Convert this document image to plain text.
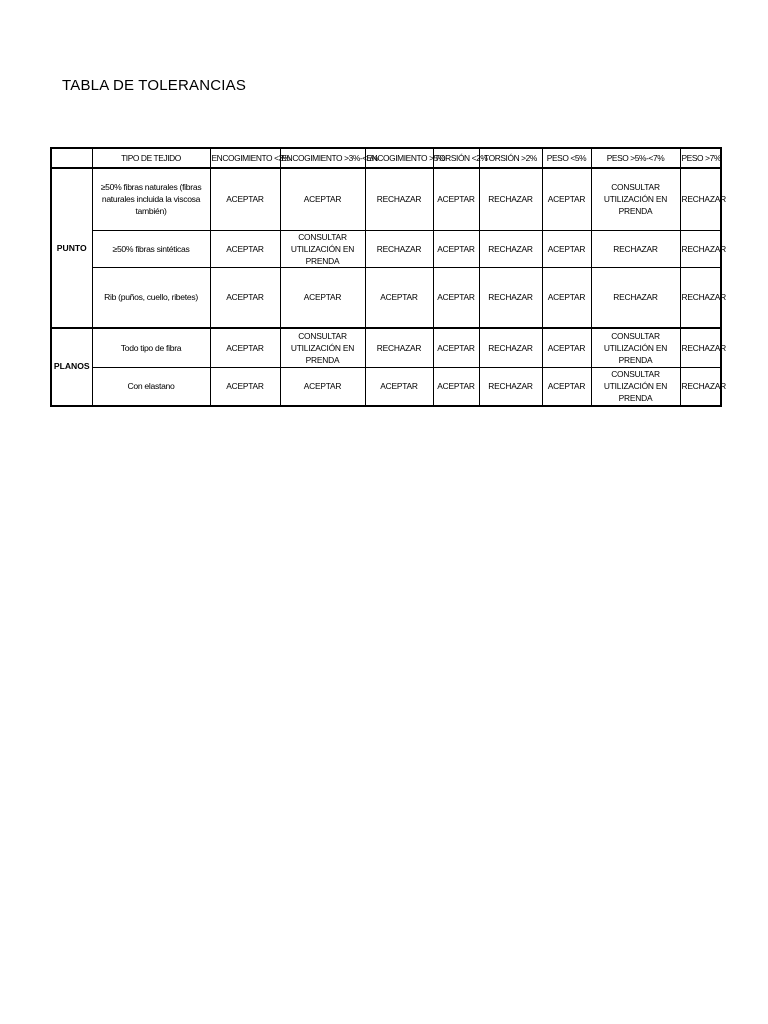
TABLA DE TOLERANCIAS
	TIPO DE TEJIDO	ENCOGIMIENTO <3%	ENCOGIMIENTO >3%-<5%	ENCOGIMIENTO >5%	TORSIÓN <2%	TORSIÓN >2%	PESO <5%	PESO >5%-<7%	PESO >7%
PUNTO	≥50% fibras naturales (fibras naturales incluida la viscosa también)	ACEPTAR	ACEPTAR	RECHAZAR	ACEPTAR	RECHAZAR	ACEPTAR	CONSULTAR UTILIZACIÓN EN PRENDA	RECHAZAR
	≥50% fibras sintéticas	ACEPTAR	CONSULTAR UTILIZACIÓN EN PRENDA	RECHAZAR	ACEPTAR	RECHAZAR	ACEPTAR	RECHAZAR	RECHAZAR
	Rib (puños, cuello, ribetes)	ACEPTAR	ACEPTAR	ACEPTAR	ACEPTAR	RECHAZAR	ACEPTAR	RECHAZAR	RECHAZAR
PLANOS	Todo tipo de fibra	ACEPTAR	CONSULTAR UTILIZACIÓN EN PRENDA	RECHAZAR	ACEPTAR	RECHAZAR	ACEPTAR	CONSULTAR UTILIZACIÓN EN PRENDA	RECHAZAR
	Con elastano	ACEPTAR	ACEPTAR	ACEPTAR	ACEPTAR	RECHAZAR	ACEPTAR	CONSULTAR UTILIZACIÓN EN PRENDA	RECHAZAR
